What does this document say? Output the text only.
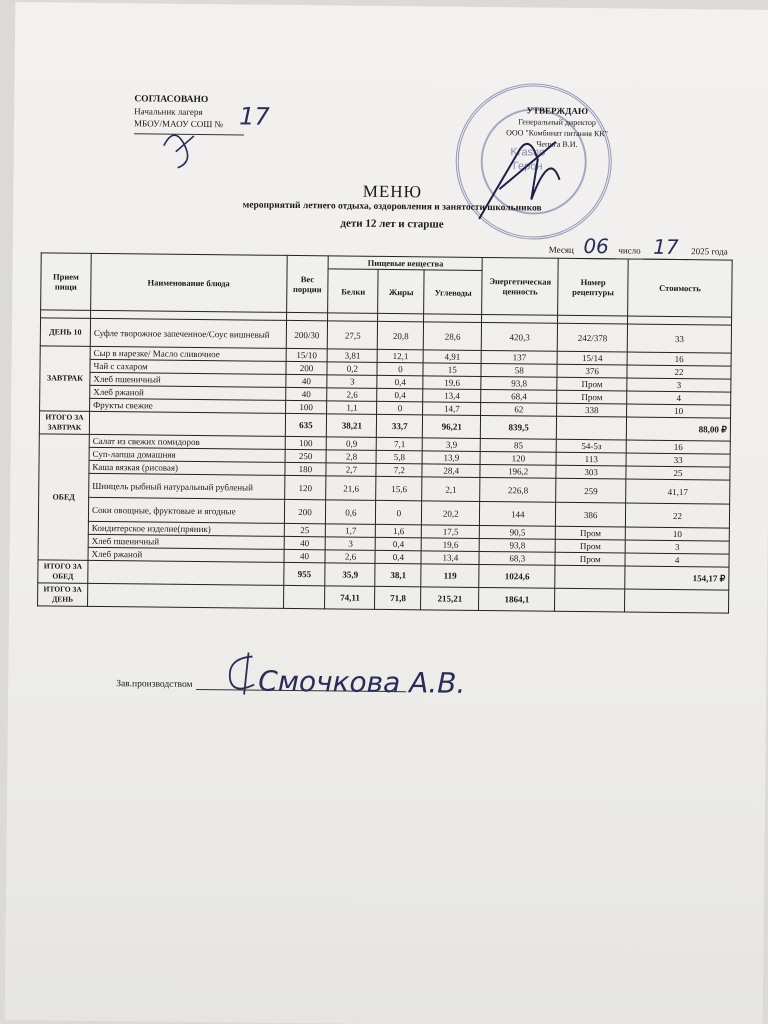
СОГЛАСОВАНО
Начальник лагеря
МБОУ/МАОУ СОШ № 17
Krasno Герон
УТВЕРЖДАЮ
Генеральный директор
ООО "Комбинат питания КК"
Чепига В.И.
МЕНЮ
мероприятий летнего отдыха, оздоровления и занятости школьников
дети 12 лет и старше
Месяц 06 число 17 2025 года
Прием пищи	Наименование блюда	Вес порции	Пищевые вещества			Энергетическая ценность	Номер рецептуры	Стоимость
			Белки	Жиры	Углеводы			

ДЕНЬ 10	Суфле творожное запеченное/Соус вишневый	200/30	27,5	20,8	28,6	420,3	242/378	33
ЗАВТРАК	Сыр в нарезке/ Масло сливочное	15/10	3,81	12,1	4,91	137	15/14	16
	Чай с сахаром	200	0,2	0	15	58	376	22
	Хлеб пшеничный	40	3	0,4	19,6	93,8	Пром	3
	Хлеб ржаной	40	2,6	0,4	13,4	68,4	Пром	4
	Фрукты свежие	100	1,1	0	14,7	62	338	10
ИТОГО ЗА ЗАВТРАК		635	38,21	33,7	96,21	839,5		88,00 ₽
ОБЕД	Салат из свежих помидоров	100	0,9	7,1	3,9	85	54-5з	16
	Суп-лапша домашняя	250	2,8	5,8	13,9	120	113	33
	Каша вязкая (рисовая)	180	2,7	7,2	28,4	196,2	303	25
	Шницель рыбный натуральный рубленый	120	21,6	15,6	2,1	226,8	259	41,17
	Соки овощные, фруктовые и ягодные	200	0,6	0	20,2	144	386	22
	Кондитерское изделие(пряник)	25	1,7	1,6	17,5	90,5	Пром	10
	Хлеб пшеничный	40	3	0,4	19,6	93,8	Пром	3
	Хлеб ржаной	40	2,6	0,4	13,4	68,3	Пром	4
ИТОГО ЗА ОБЕД		955	35,9	38,1	119	1024,6		154,17 ₽
ИТОГО ЗА ДЕНЬ			74,11	71,8	215,21	1864,1		
Зав.производством	Смочкова А.В.
